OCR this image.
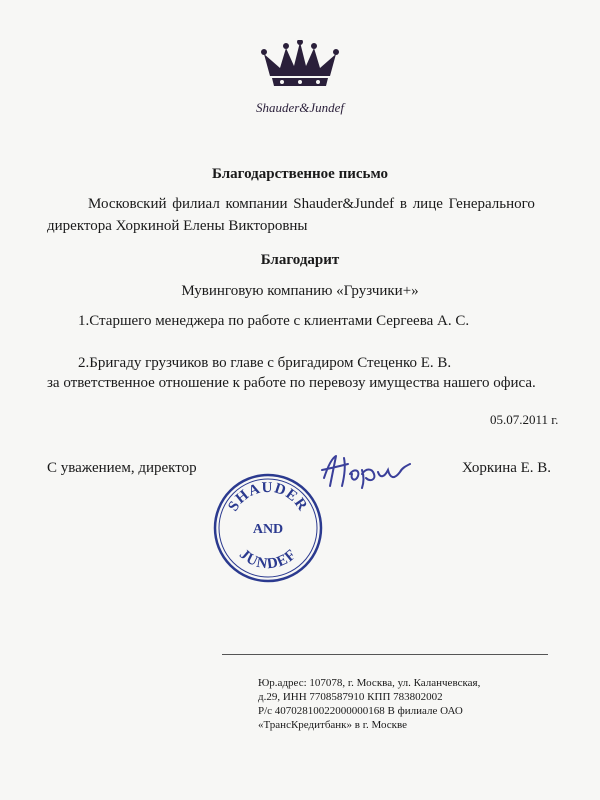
Shauder&Jundef
Благодарственное письмо
Московский филиал компании Shauder&Jundef в лице Генерального
директора Хоркиной Елены Викторовны
Благодарит
Мувинговую компанию «Грузчики+»
1.Старшего менеджера по работе с клиентами Сергеева А. С.
2.Бригаду грузчиков во главе с бригадиром Стеценко Е. В.
за ответственное отношение к работе по перевозу имущества нашего офиса.
05.07.2011 г.
С уважением, директор	Хоркина Е. В.
SHAUDER
AND
JUNDEF
Юр.адрес: 107078, г. Москва, ул. Каланчевская,
д.29, ИНН 7708587910 КПП 783802002
Р/с 40702810022000000168 В филиале ОАО
«ТрансКредитбанк» в г. Москве
